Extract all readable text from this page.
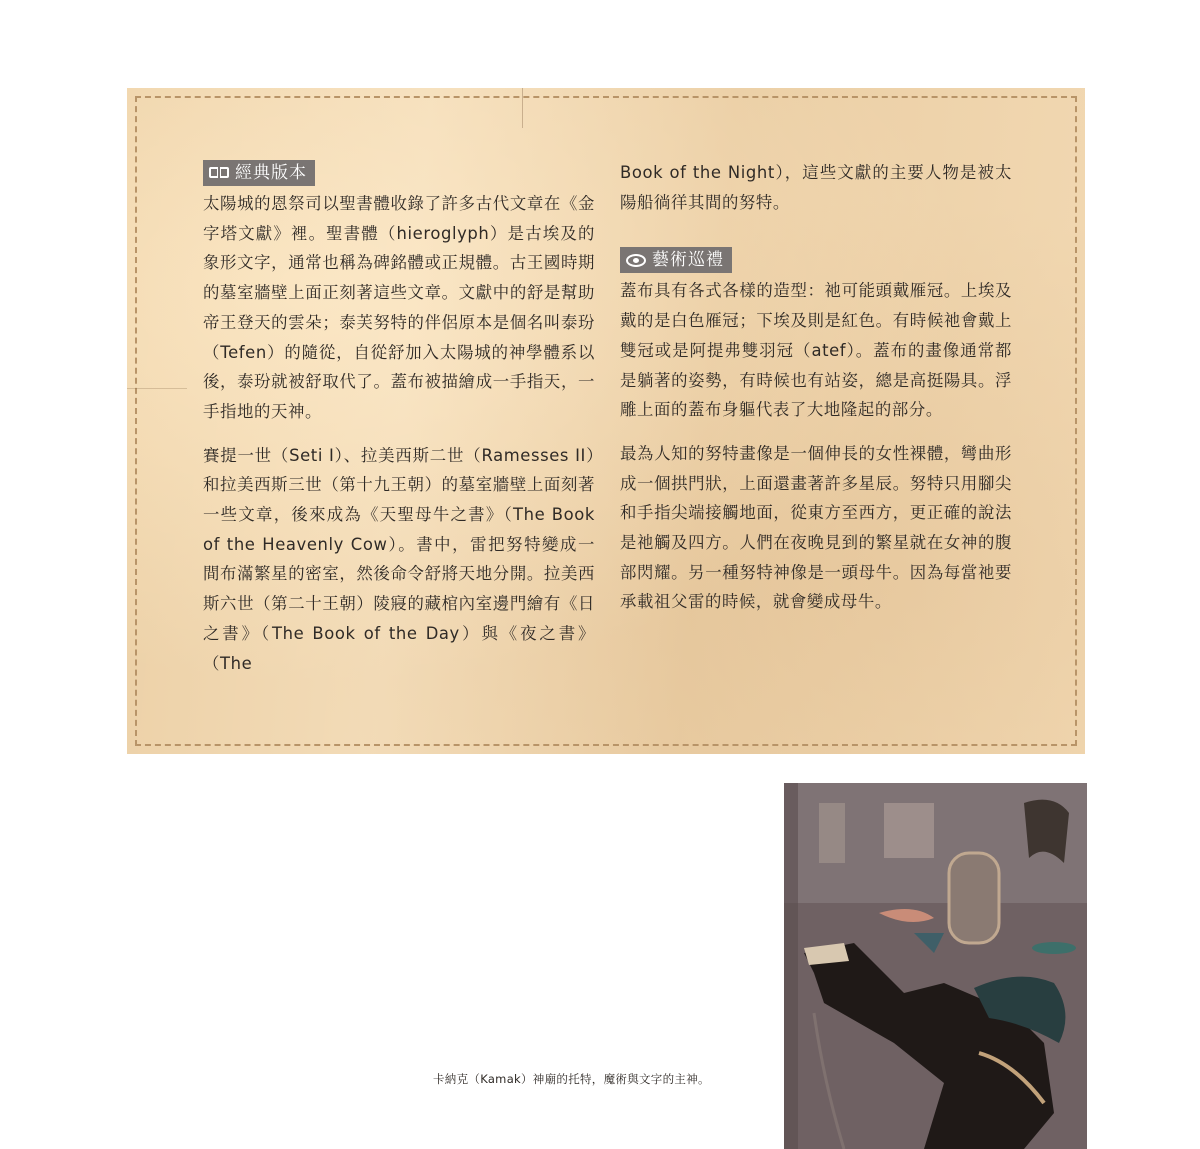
經典版本

太陽城的恩祭司以聖書體收錄了許多古代文章在《金字塔文獻》裡。聖書體（hieroglyph）是古埃及的象形文字，通常也稱為碑銘體或正規體。古王國時期的墓室牆壁上面正刻著這些文章。文獻中的舒是幫助帝王登天的雲朵；泰芙努特的伴侶原本是個名叫泰玢（Tefen）的隨從，自從舒加入太陽城的神學體系以後，泰玢就被舒取代了。蓋布被描繪成一手指天，一手指地的天神。

賽提一世（Seti I）、拉美西斯二世（Ramesses II）和拉美西斯三世（第十九王朝）的墓室牆壁上面刻著一些文章，後來成為《天聖母牛之書》（The Book of the Heavenly Cow）。書中，雷把努特變成一間布滿繁星的密室，然後命令舒將天地分開。拉美西斯六世（第二十王朝）陵寢的藏棺內室邊門繪有《日之書》（The Book of the Day）與《夜之書》（The

Book of the Night），這些文獻的主要人物是被太陽船徜徉其間的努特。

藝術巡禮

蓋布具有各式各樣的造型：祂可能頭戴雁冠。上埃及戴的是白色雁冠；下埃及則是紅色。有時候祂會戴上雙冠或是阿提弗雙羽冠（atef）。蓋布的畫像通常都是躺著的姿勢，有時候也有站姿，總是高挺陽具。浮雕上面的蓋布身軀代表了大地隆起的部分。

最為人知的努特畫像是一個伸長的女性裸體，彎曲形成一個拱門狀，上面還畫著許多星辰。努特只用腳尖和手指尖端接觸地面，從東方至西方，更正確的說法是祂觸及四方。人們在夜晚見到的繁星就在女神的腹部閃耀。另一種努特神像是一頭母牛。因為每當祂要承載祖父雷的時候，就會變成母牛。

卡納克（Kamak）神廟的托特，魔術與文字的主神。
